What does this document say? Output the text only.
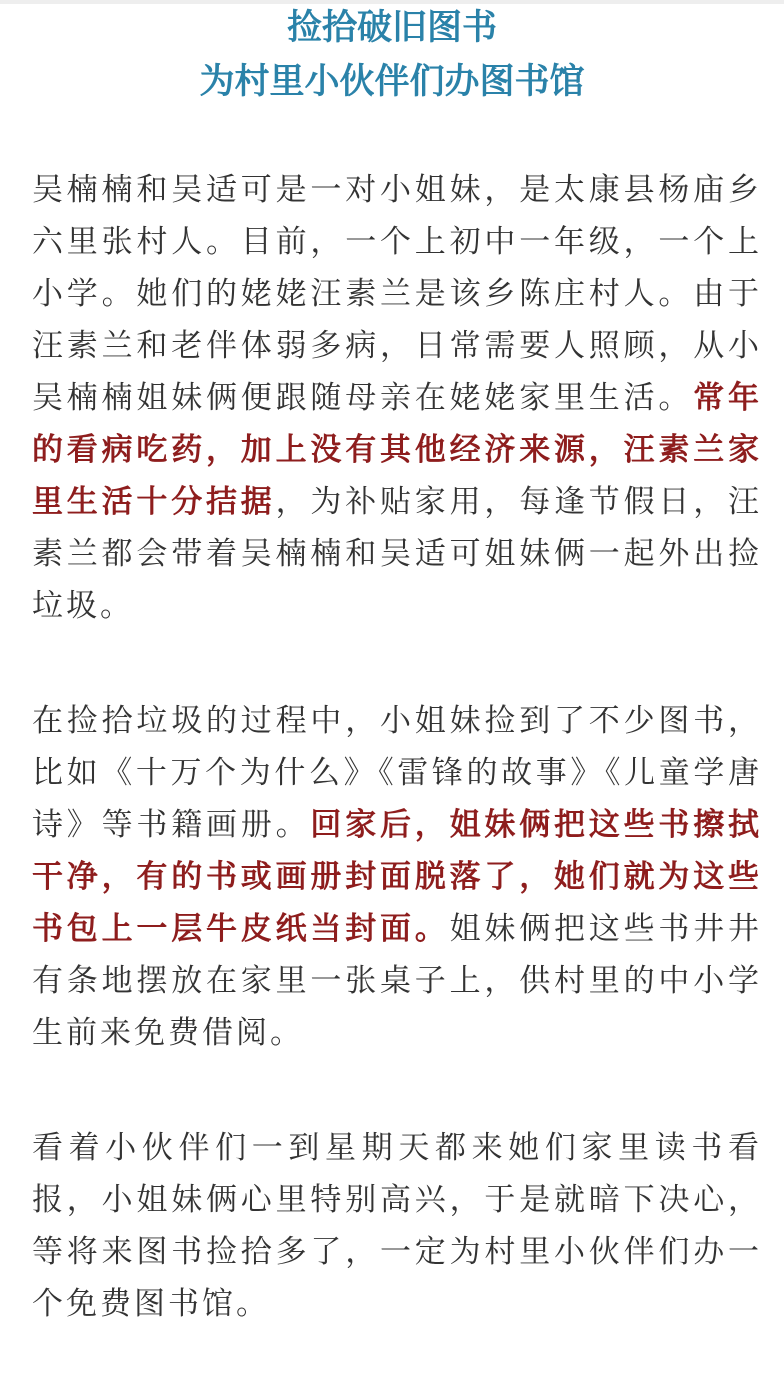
捡拾破旧图书
为村里小伙伴们办图书馆

吴楠楠和吴适可是一对小姐妹，是太康县杨庙乡六里张村人。目前，一个上初中一年级，一个上小学。她们的姥姥汪素兰是该乡陈庄村人。由于汪素兰和老伴体弱多病，日常需要人照顾，从小吴楠楠姐妹俩便跟随母亲在姥姥家里生活。常年的看病吃药，加上没有其他经济来源，汪素兰家里生活十分拮据，为补贴家用，每逢节假日，汪素兰都会带着吴楠楠和吴适可姐妹俩一起外出捡垃圾。

在捡拾垃圾的过程中，小姐妹捡到了不少图书，比如《十万个为什么》《雷锋的故事》《儿童学唐诗》等书籍画册。回家后，姐妹俩把这些书擦拭干净，有的书或画册封面脱落了，她们就为这些书包上一层牛皮纸当封面。姐妹俩把这些书井井有条地摆放在家里一张桌子上，供村里的中小学生前来免费借阅。

看着小伙伴们一到星期天都来她们家里读书看报，小姐妹俩心里特别高兴，于是就暗下决心，等将来图书捡拾多了，一定为村里小伙伴们办一个免费图书馆。
